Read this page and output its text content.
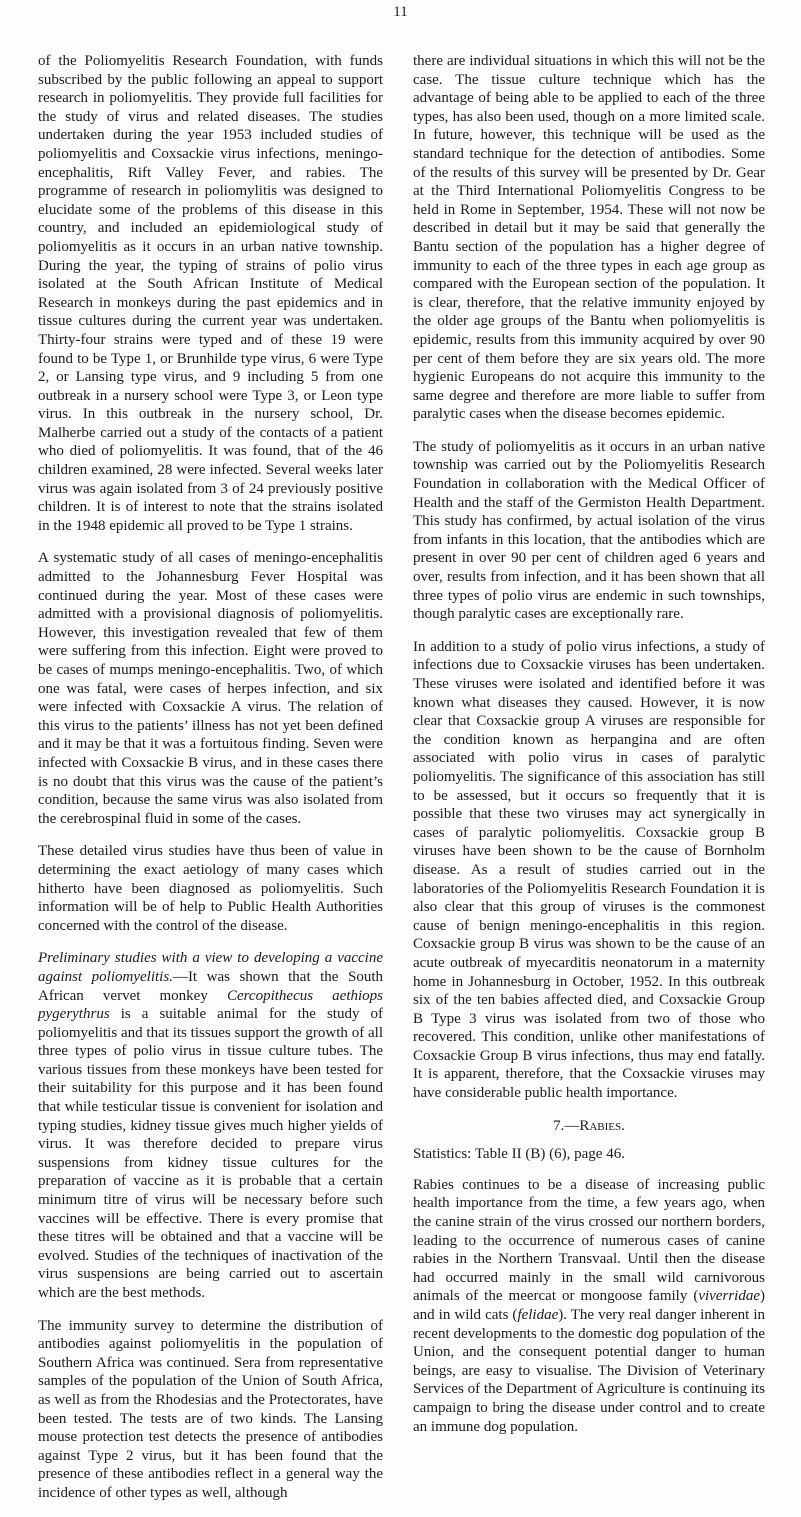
11

of the Poliomyelitis Research Foundation, with funds subscribed by the public following an appeal to support research in poliomyelitis. They provide full facilities for the study of virus and related diseases. The studies undertaken during the year 1953 included studies of poliomyelitis and Coxsackie virus infections, meningo-encephalitis, Rift Valley Fever, and rabies. The programme of research in poliomylitis was designed to elucidate some of the problems of this disease in this country, and included an epidemiological study of poliomyelitis as it occurs in an urban native township. During the year, the typing of strains of polio virus isolated at the South African Institute of Medical Research in monkeys during the past epidemics and in tissue cultures during the current year was undertaken. Thirty-four strains were typed and of these 19 were found to be Type 1, or Brunhilde type virus, 6 were Type 2, or Lansing type virus, and 9 including 5 from one outbreak in a nursery school were Type 3, or Leon type virus. In this outbreak in the nursery school, Dr. Malherbe carried out a study of the contacts of a patient who died of poliomyelitis. It was found, that of the 46 children examined, 28 were infected. Several weeks later virus was again isolated from 3 of 24 previously positive children. It is of interest to note that the strains isolated in the 1948 epidemic all proved to be Type 1 strains.

A systematic study of all cases of meningo-encephalitis admitted to the Johannesburg Fever Hospital was continued during the year. Most of these cases were admitted with a provisional diagnosis of poliomyelitis. However, this investigation revealed that few of them were suffering from this infection. Eight were proved to be cases of mumps meningo-encephalitis. Two, of which one was fatal, were cases of herpes infection, and six were infected with Coxsackie A virus. The relation of this virus to the patients’ illness has not yet been defined and it may be that it was a fortuitous finding. Seven were infected with Coxsackie B virus, and in these cases there is no doubt that this virus was the cause of the patient’s condition, because the same virus was also isolated from the cerebrospinal fluid in some of the cases.

These detailed virus studies have thus been of value in determining the exact aetiology of many cases which hitherto have been diagnosed as poliomyelitis. Such information will be of help to Public Health Authorities concerned with the control of the disease.

Preliminary studies with a view to developing a vaccine against poliomyelitis.—It was shown that the South African vervet monkey Cercopithecus aethiops pygerythrus is a suitable animal for the study of poliomyelitis and that its tissues support the growth of all three types of polio virus in tissue culture tubes. The various tissues from these monkeys have been tested for their suitability for this purpose and it has been found that while testicular tissue is convenient for isolation and typing studies, kidney tissue gives much higher yields of virus. It was therefore decided to prepare virus suspensions from kidney tissue cultures for the preparation of vaccine as it is probable that a certain minimum titre of virus will be necessary before such vaccines will be effective. There is every promise that these titres will be obtained and that a vaccine will be evolved. Studies of the techniques of inactivation of the virus suspensions are being carried out to ascertain which are the best methods.

The immunity survey to determine the distribution of antibodies against poliomyelitis in the population of Southern Africa was continued. Sera from representative samples of the population of the Union of South Africa, as well as from the Rhodesias and the Protectorates, have been tested. The tests are of two kinds. The Lansing mouse protection test detects the presence of antibodies against Type 2 virus, but it has been found that the presence of these antibodies reflect in a general way the incidence of other types as well, although

there are individual situations in which this will not be the case. The tissue culture technique which has the advantage of being able to be applied to each of the three types, has also been used, though on a more limited scale. In future, however, this technique will be used as the standard technique for the detection of antibodies. Some of the results of this survey will be presented by Dr. Gear at the Third International Poliomyelitis Congress to be held in Rome in September, 1954. These will not now be described in detail but it may be said that generally the Bantu section of the population has a higher degree of immunity to each of the three types in each age group as compared with the European section of the population. It is clear, therefore, that the relative immunity enjoyed by the older age groups of the Bantu when poliomyelitis is epidemic, results from this immunity acquired by over 90 per cent of them before they are six years old. The more hygienic Europeans do not acquire this immunity to the same degree and therefore are more liable to suffer from paralytic cases when the disease becomes epidemic.

The study of poliomyelitis as it occurs in an urban native township was carried out by the Poliomyelitis Research Foundation in collaboration with the Medical Officer of Health and the staff of the Germiston Health Department. This study has confirmed, by actual isolation of the virus from infants in this location, that the antibodies which are present in over 90 per cent of children aged 6 years and over, results from infection, and it has been shown that all three types of polio virus are endemic in such townships, though paralytic cases are exceptionally rare.

In addition to a study of polio virus infections, a study of infections due to Coxsackie viruses has been undertaken. These viruses were isolated and identified before it was known what diseases they caused. However, it is now clear that Coxsackie group A viruses are responsible for the condition known as herpangina and are often associated with polio virus in cases of paralytic poliomyelitis. The significance of this association has still to be assessed, but it occurs so frequently that it is possible that these two viruses may act synergically in cases of paralytic poliomyelitis. Coxsackie group B viruses have been shown to be the cause of Bornholm disease. As a result of studies carried out in the laboratories of the Poliomyelitis Research Foundation it is also clear that this group of viruses is the commonest cause of benign meningo-encephalitis in this region. Coxsackie group B virus was shown to be the cause of an acute outbreak of myecarditis neonatorum in a maternity home in Johannesburg in October, 1952. In this outbreak six of the ten babies affected died, and Coxsackie Group B Type 3 virus was isolated from two of those who recovered. This condition, unlike other manifestations of Coxsackie Group B virus infections, thus may end fatally. It is apparent, therefore, that the Coxsackie viruses may have considerable public health importance.

7.—Rabies.

Statistics: Table II (B) (6), page 46.

Rabies continues to be a disease of increasing public health importance from the time, a few years ago, when the canine strain of the virus crossed our northern borders, leading to the occurrence of numerous cases of canine rabies in the Northern Transvaal. Until then the disease had occurred mainly in the small wild carnivorous animals of the meercat or mongoose family (viverridae) and in wild cats (felidae). The very real danger inherent in recent developments to the domestic dog population of the Union, and the consequent potential danger to human beings, are easy to visualise. The Division of Veterinary Services of the Department of Agriculture is continuing its campaign to bring the disease under control and to create an immune dog population.
